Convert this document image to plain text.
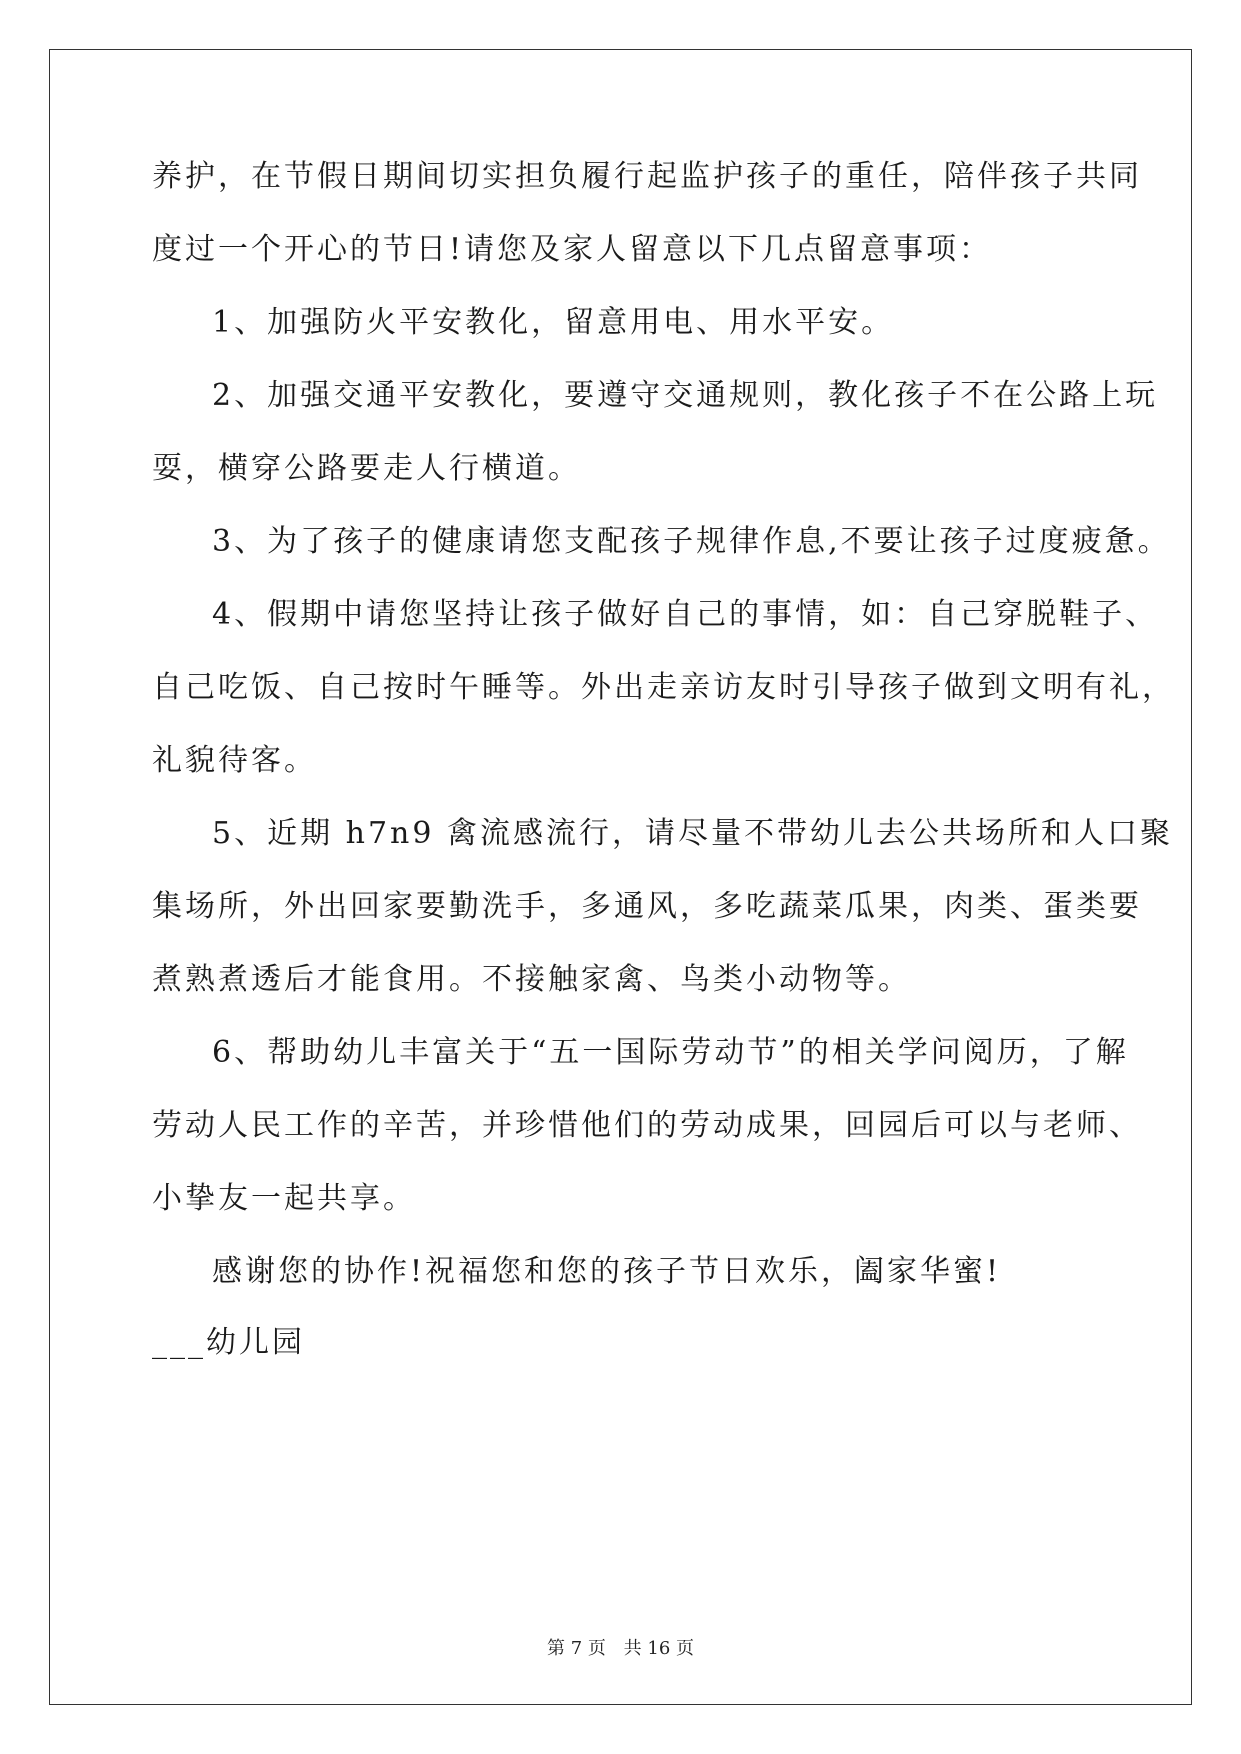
养护，在节假日期间切实担负履行起监护孩子的重任，陪伴孩子共同
度过一个开心的节日!请您及家人留意以下几点留意事项：
1、加强防火平安教化，留意用电、用水平安。
2、加强交通平安教化，要遵守交通规则，教化孩子不在公路上玩
耍，横穿公路要走人行横道。
3、为了孩子的健康请您支配孩子规律作息,不要让孩子过度疲惫。
4、假期中请您坚持让孩子做好自己的事情，如：自己穿脱鞋子、
自己吃饭、自己按时午睡等。外出走亲访友时引导孩子做到文明有礼，
礼貌待客。
5、近期 h7n9 禽流感流行，请尽量不带幼儿去公共场所和人口聚
集场所，外出回家要勤洗手，多通风，多吃蔬菜瓜果，肉类、蛋类要
煮熟煮透后才能食用。不接触家禽、鸟类小动物等。
6、帮助幼儿丰富关于“五一国际劳动节”的相关学问阅历，了解
劳动人民工作的辛苦，并珍惜他们的劳动成果，回园后可以与老师、
小挚友一起共享。
感谢您的协作!祝福您和您的孩子节日欢乐，阖家华蜜!
___幼儿园
第 7 页 共 16 页
